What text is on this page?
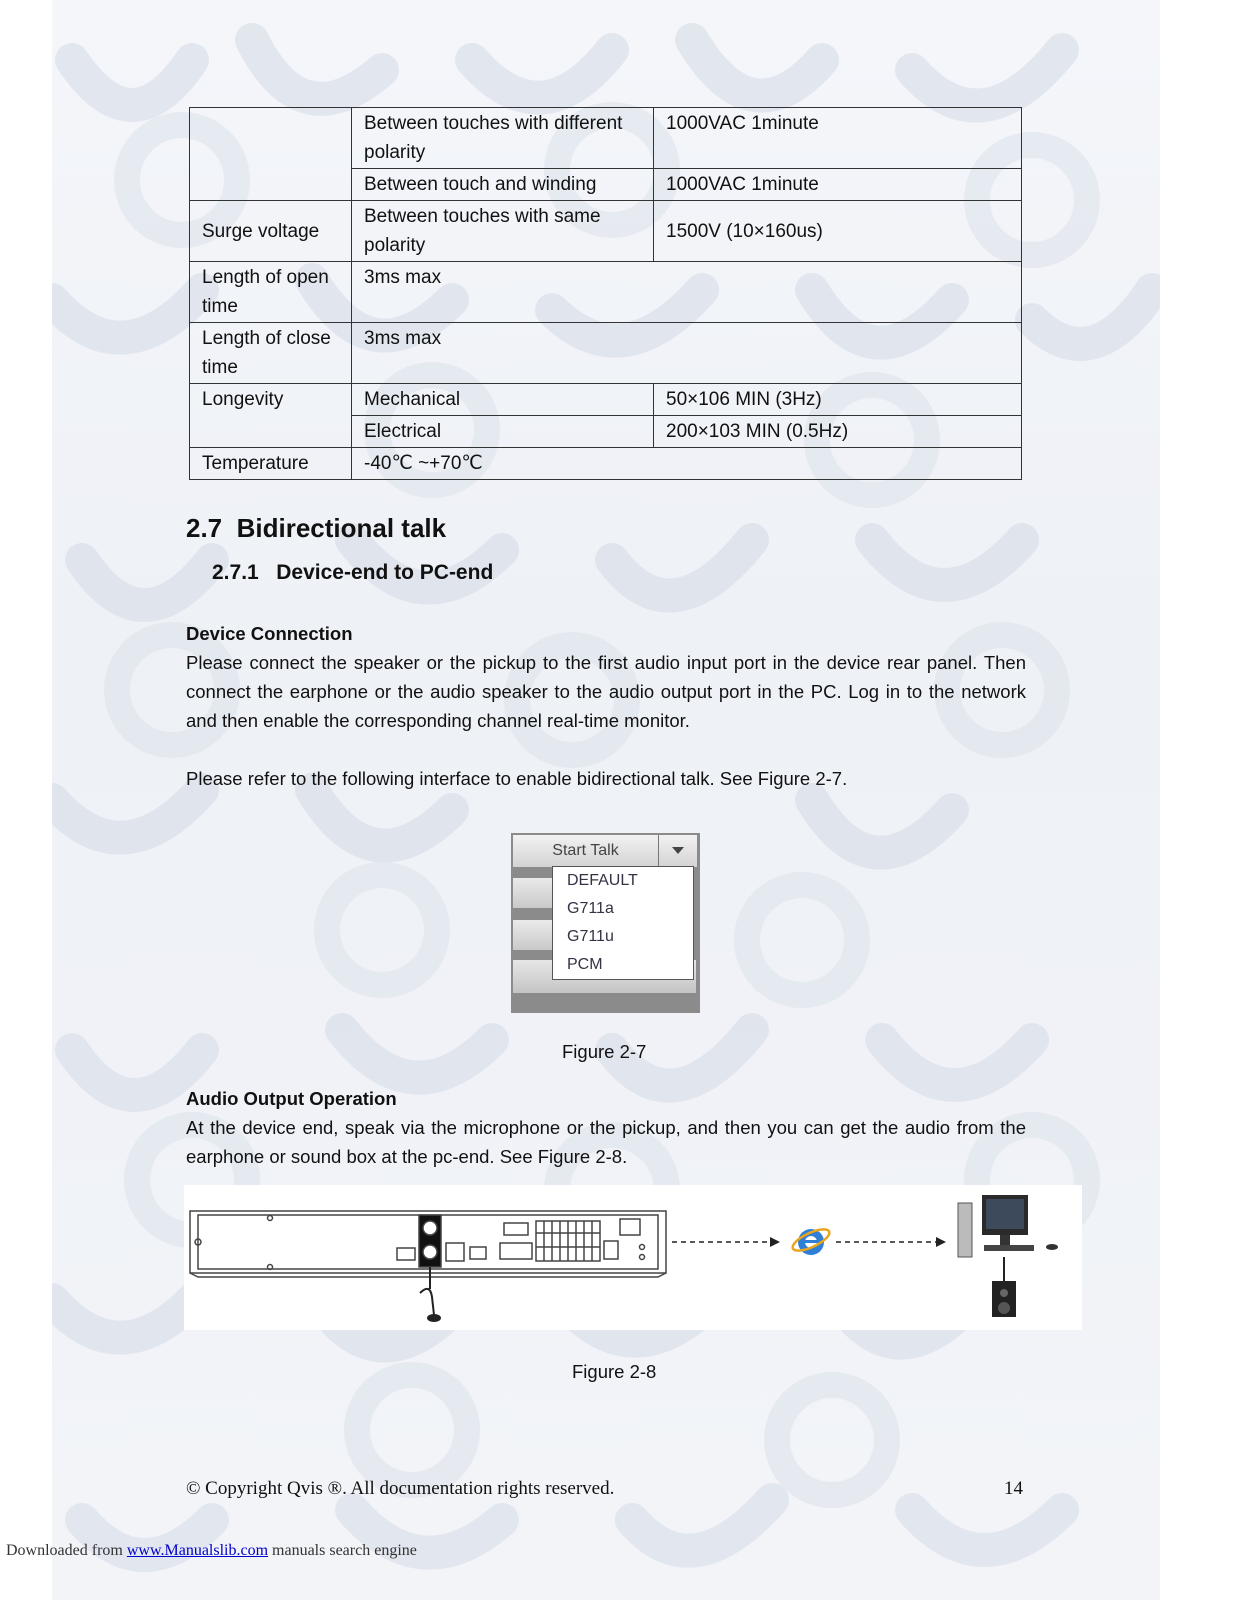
	Between touches with different polarity	1000VAC 1minute
	Between touch and winding	1000VAC 1minute
Surge voltage	Between touches with same polarity	1500V (10×160us)
Length of open time	3ms max	
Length of close time	3ms max	
Longevity	Mechanical	50×106 MIN (3Hz)
	Electrical	200×103 MIN (0.5Hz)
Temperature	-40℃ ~+70℃	
2.7 Bidirectional talk
2.7.1 Device-end to PC-end

Device Connection

Please connect the speaker or the pickup to the first audio input port in the device rear panel. Then connect the earphone or the audio speaker to the audio output port in the PC. Log in to the network and then enable the corresponding channel real-time monitor.

Please refer to the following interface to enable bidirectional talk. See Figure 2-7.

Start Talk
DEFAULT
G711a
G711u
PCM
Figure 2-7

Audio Output Operation

At the device end, speak via the microphone or the pickup, and then you can get the audio from the earphone or sound box at the pc-end. See Figure 2-8.

Figure 2-8
© Copyright Qvis ®. All documentation rights reserved.	14
Downloaded from www.Manualslib.com manuals search engine
